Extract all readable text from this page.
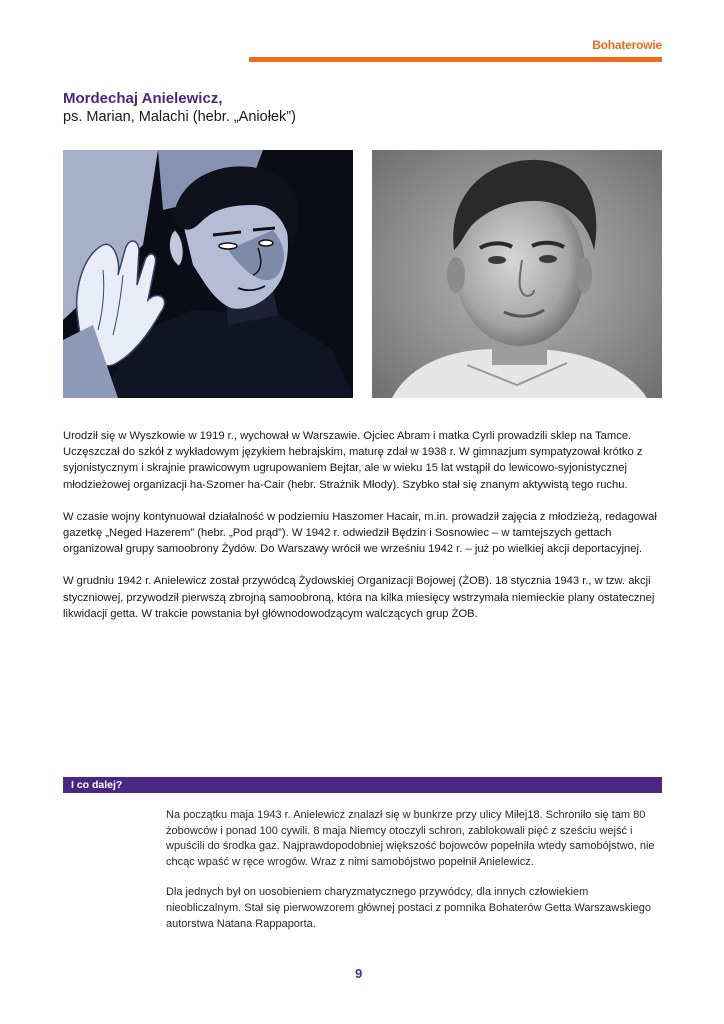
Bohaterowie
Mordechaj Anielewicz,
ps. Marian, Malachi (hebr. „Aniołek”)

Urodził się w Wyszkowie w 1919 r., wychował w Warszawie. Ojciec Abram i matka Cyrli prowadzili sklep na Tamce. Uczęszczał do szkół z wykładowym językiem hebrajskim, maturę zdał w 1938 r. W gimnazjum sympatyzował krótko z syjonistycznym i skrajnie prawicowym ugrupowaniem Bejtar, ale w wieku 15 lat wstąpił do lewicowo-syjonistycznej młodzieżowej organizacji ha-Szomer ha-Cair (hebr. Strażnik Młody). Szybko stał się znanym aktywistą tego ruchu.

W czasie wojny kontynuował działalność w podziemiu Haszomer Hacair, m.in. prowadził zajęcia z młodzieżą, redagował gazetkę „Neged Hazerem” (hebr. „Pod prąd”). W 1942 r. odwiedził Będzin i Sosnowiec – w tamtejszych gettach organizował grupy samoobrony Żydów. Do Warszawy wrócił we wrześniu 1942 r. – już po wielkiej akcji deportacyjnej.

W grudniu 1942 r. Anielewicz został przywódcą Żydowskiej Organizacji Bojowej (ŻOB). 18 stycznia 1943 r., w tzw. akcji styczniowej, przywodził pierwszą zbrojną samoobroną, która na kilka miesięcy wstrzymała niemieckie plany ostatecznej likwidacji getta. W trakcie powstania był głównodowodzącym walczących grup ŻOB.

I co dalej?

Na początku maja 1943 r. Anielewicz znalazł się w bunkrze przy ulicy Miłej18. Schroniło się tam 80 żobowców i ponad 100 cywili. 8 maja Niemcy otoczyli schron, zablokowali pięć z sześciu wejść i wpuścili do środka gaz. Najprawdopodobniej większość bojowców popełniła wtedy samobójstwo, nie chcąc wpaść w ręce wrogów. Wraz z nimi samobójstwo popełnił Anielewicz.

Dla jednych był on uosobieniem charyzmatycznego przywódcy, dla innych człowiekiem nieobliczalnym. Stał się pierwowzorem głównej postaci z pomnika Bohaterów Getta Warszawskiego autorstwa Natana Rappaporta.

9
